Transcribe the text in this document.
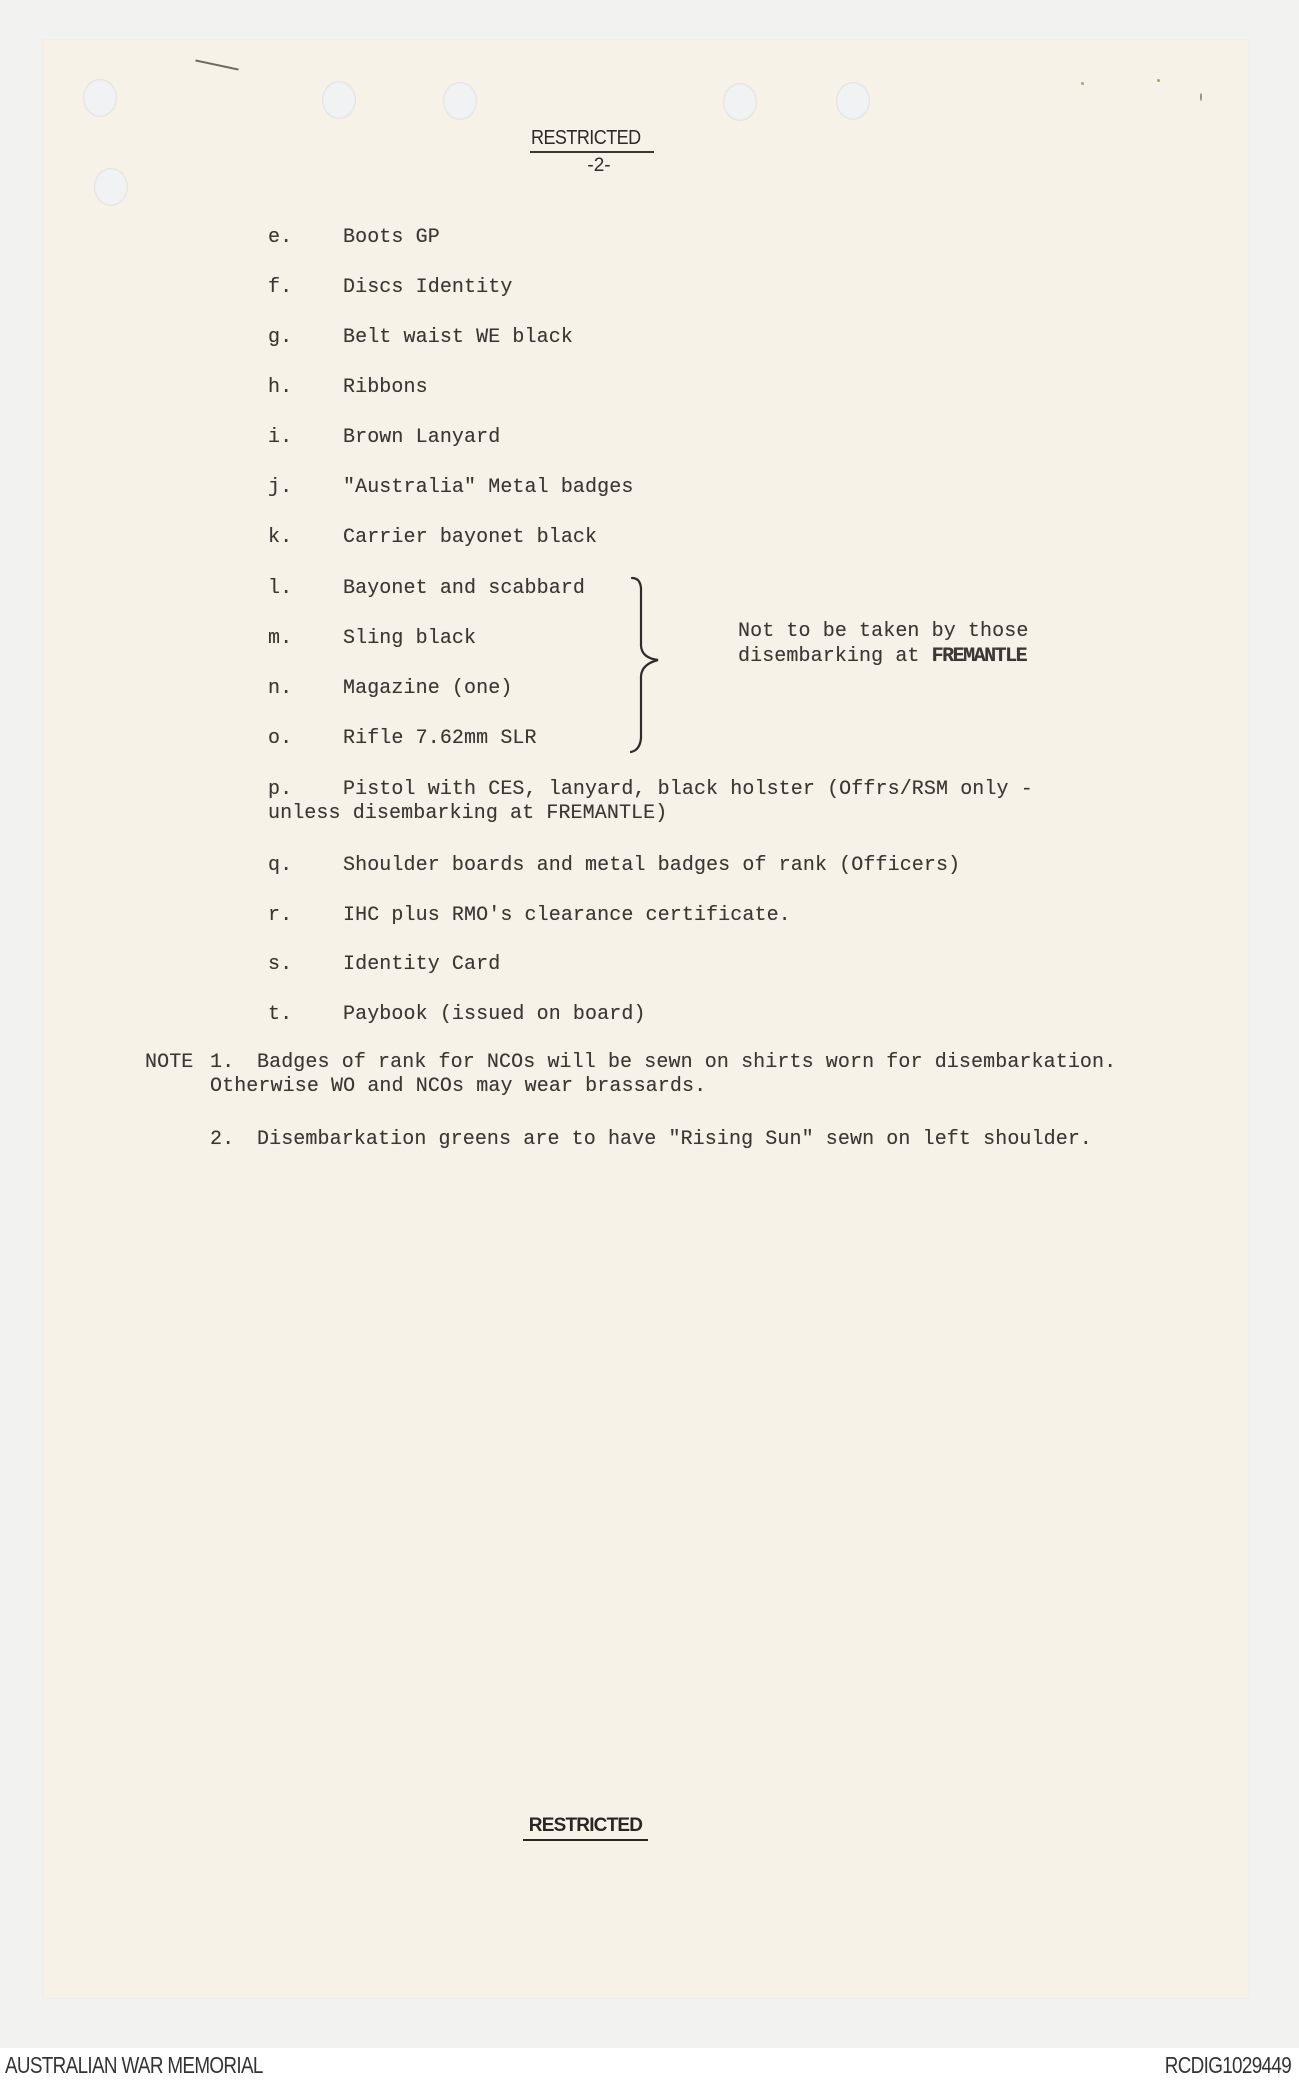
RESTRICTED
-2-
e.	Boots GP
f.	Discs Identity
g.	Belt waist WE black
h.	Ribbons
i.	Brown Lanyard
j.	"Australia" Metal badges
k.	Carrier bayonet black
l.	Bayonet and scabbard
m.	Sling black
n.	Magazine (one)
o.	Rifle 7.62mm SLR
p.	Pistol with CES, lanyard, black holster (Offrs/RSM only -
unless disembarking at FREMANTLE)
q.	Shoulder boards and metal badges of rank (Officers)
r.	IHC plus RMO's clearance certificate.
s.	Identity Card
t.	Paybook (issued on board)
Not to be taken by those
disembarking at FREMANTLE
NOTE 1. Badges of rank for NCOs will be sewn on shirts worn for disembarkation.
Otherwise WO and NCOs may wear brassards.
2. Disembarkation greens are to have "Rising Sun" sewn on left shoulder.
RESTRICTED
AUSTRALIAN WAR MEMORIAL	RCDIG1029449
